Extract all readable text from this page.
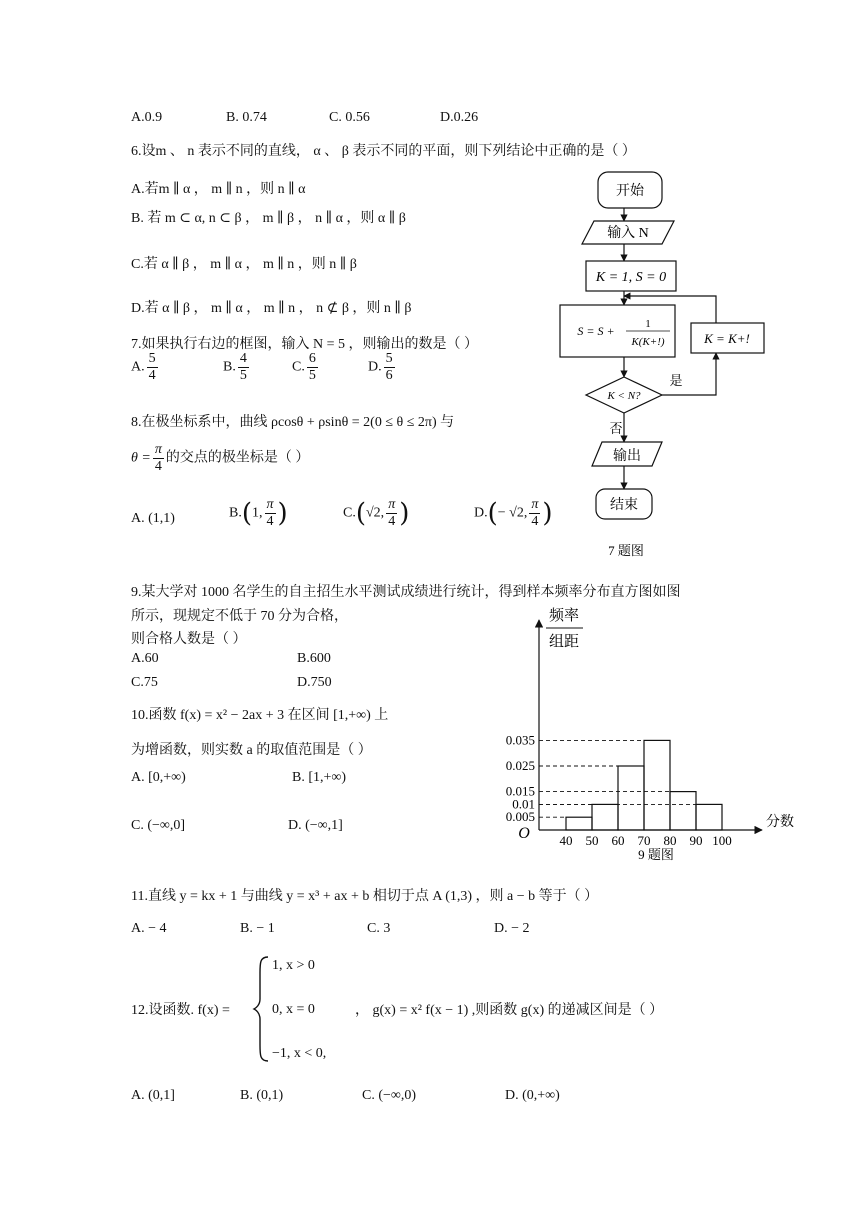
A.0.9	B. 0.74	C. 0.56	D.0.26
6.设m 、 n 表示不同的直线， α 、 β 表示不同的平面，则下列结论中正确的是（ ）
A.若m ∥ α ， m ∥ n ，则 n ∥ α
B. 若 m ⊂ α, n ⊂ β ， m ∥ β ， n ∥ α ，则 α ∥ β
C.若 α ∥ β ， m ∥ α ， m ∥ n ，则 n ∥ β
D.若 α ∥ β ， m ∥ α ， m ∥ n ， n ⊄ β ，则 n ∥ β
7.如果执行右边的框图，输入 N = 5 ，则输出的数是（ ）
A. $\frac{5}{4}$	B. $\frac{4}{5}$	C. $\frac{6}{5}$	D. $\frac{5}{6}$
8.在极坐标系中，曲线 ρcosθ + ρsinθ = 2(0 ≤ θ ≤ 2π) 与
$\theta = \frac{\pi}{4}$ 的交点的极坐标是（ ）
A. (1,1)	B.(1, $\frac{\pi}{4}$ )	C.(√2, $\frac{\pi}{4}$ )	D.(− √2, $\frac{\pi}{4}$ )
开始
输入 N
K = 1, S = 0
S = S +	1
K(K+!)	K = K+!
K < N?
是
否
输出
结束
7 题图
9.某大学对 1000 名学生的自主招生水平测试成绩进行统计，得到样本频率分布直方图如图
所示，现规定不低于 70 分为合格，
则合格人数是（ ）
A.60	B.600
C.75	D.750
10.函数 f(x) = x² − 2ax + 3 在区间 [1,+∞) 上
为增函数，则实数 a 的取值范围是（ ）
A. [0,+∞)	B. [1,+∞)
C. (−∞,0]	D. (−∞,1]
0.035
0.025
0.015
0.01
0.005
40 50 60 70 80 90 100
频率
组距
分数
O
9 题图
11.直线 y = kx + 1 与曲线 y = x³ + ax + b 相切于点 A (1,3) ，则 a − b 等于（ ）
A. − 4	B. − 1	C. 3	D. − 2
12.设函数. f(x) =
1, x > 0
0, x = 0
−1, x < 0,
， g(x) = x² f(x − 1) ,则函数 g(x) 的递减区间是（ ）
A. (0,1]	B. (0,1)	C. (−∞,0)	D. (0,+∞)
